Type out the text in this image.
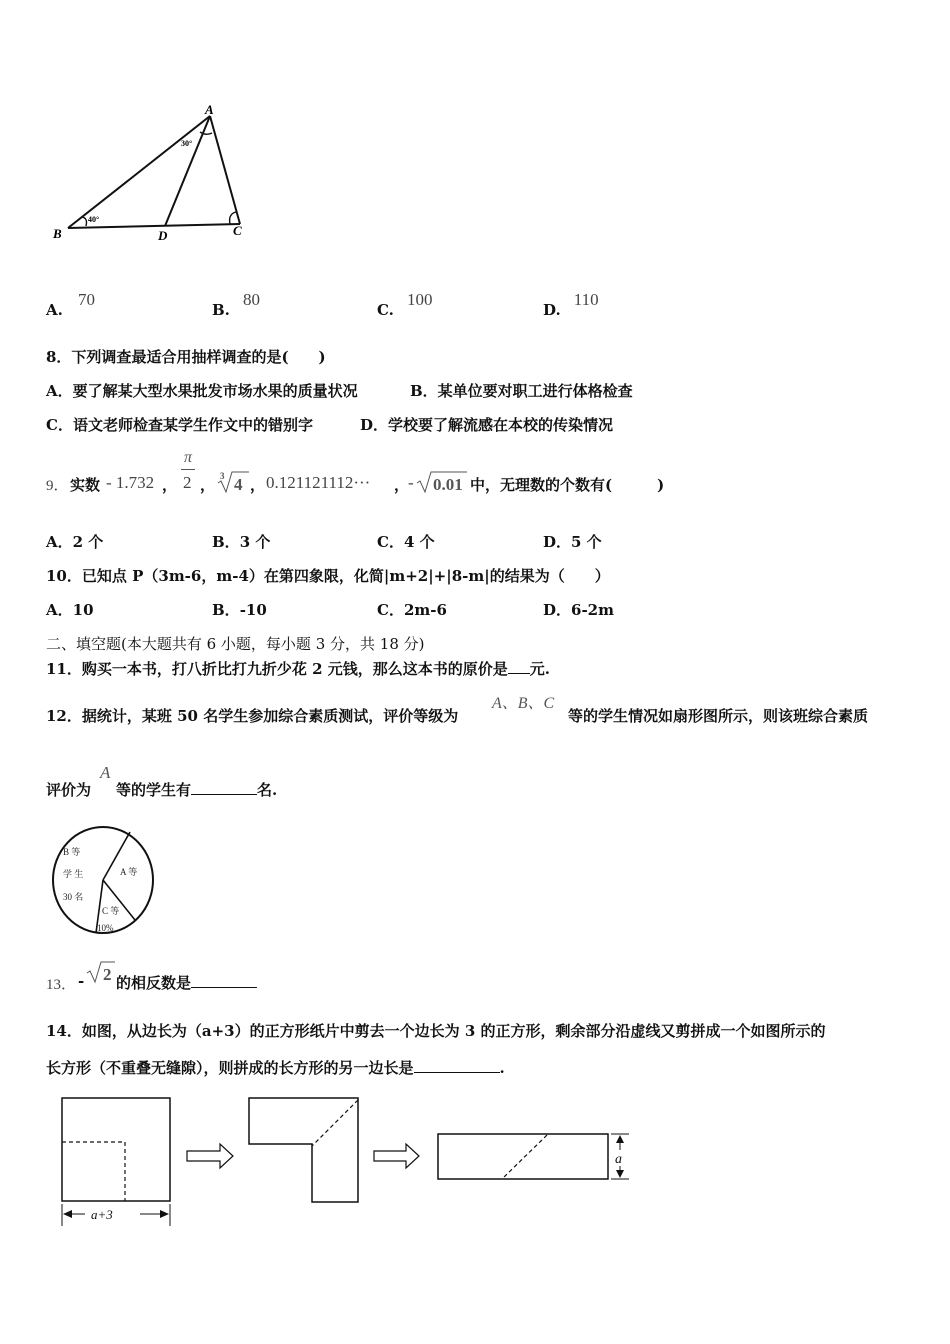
A
B	C
D
40°
30°
A. 70
B. 80
C. 100
D. 110
8．下列调查最适合用抽样调查的是(　　)
A．要了解某大型水果批发市场水果的质量状况	B．某单位要对职工进行体格检查
C．语文老师检查某学生作文中的错别字	D．学校要了解流感在本校的传染情况
9． 实数 - 1.732 ，
π
2 ， 3 4 ， 0.121121112··· ，
- 0.01 中，无理数的个数有(　　　)
A．2 个	B．3 个	C．4 个	D．5 个
10．已知点 P（3m-6，m-4）在第四象限，化简|m+2|+|8-m|的结果为（　　）
A．10	B．-10	C．2m-6	D．6-2m
二、填空题(本大题共有 6 小题，每小题 3 分，共 18 分)
11．购买一本书，打八折比打九折少花 2 元钱，那么这本书的原价是 元.
12．据统计，某班 50 名学生参加综合素质测试，评价等级为
A、B、C
等的学生情况如扇形图所示，则该班综合素质
评价为
A
等的学生有	名.
B 等
学 生
30 名
A 等
C 等
10%
13． - 2 的相反数是
14．如图，从边长为（a+3）的正方形纸片中剪去一个边长为 3 的正方形，剩余部分沿虚线又剪拼成一个如图所示的
长方形（不重叠无缝隙），则拼成的长方形的另一边长是	.
a+3
a
